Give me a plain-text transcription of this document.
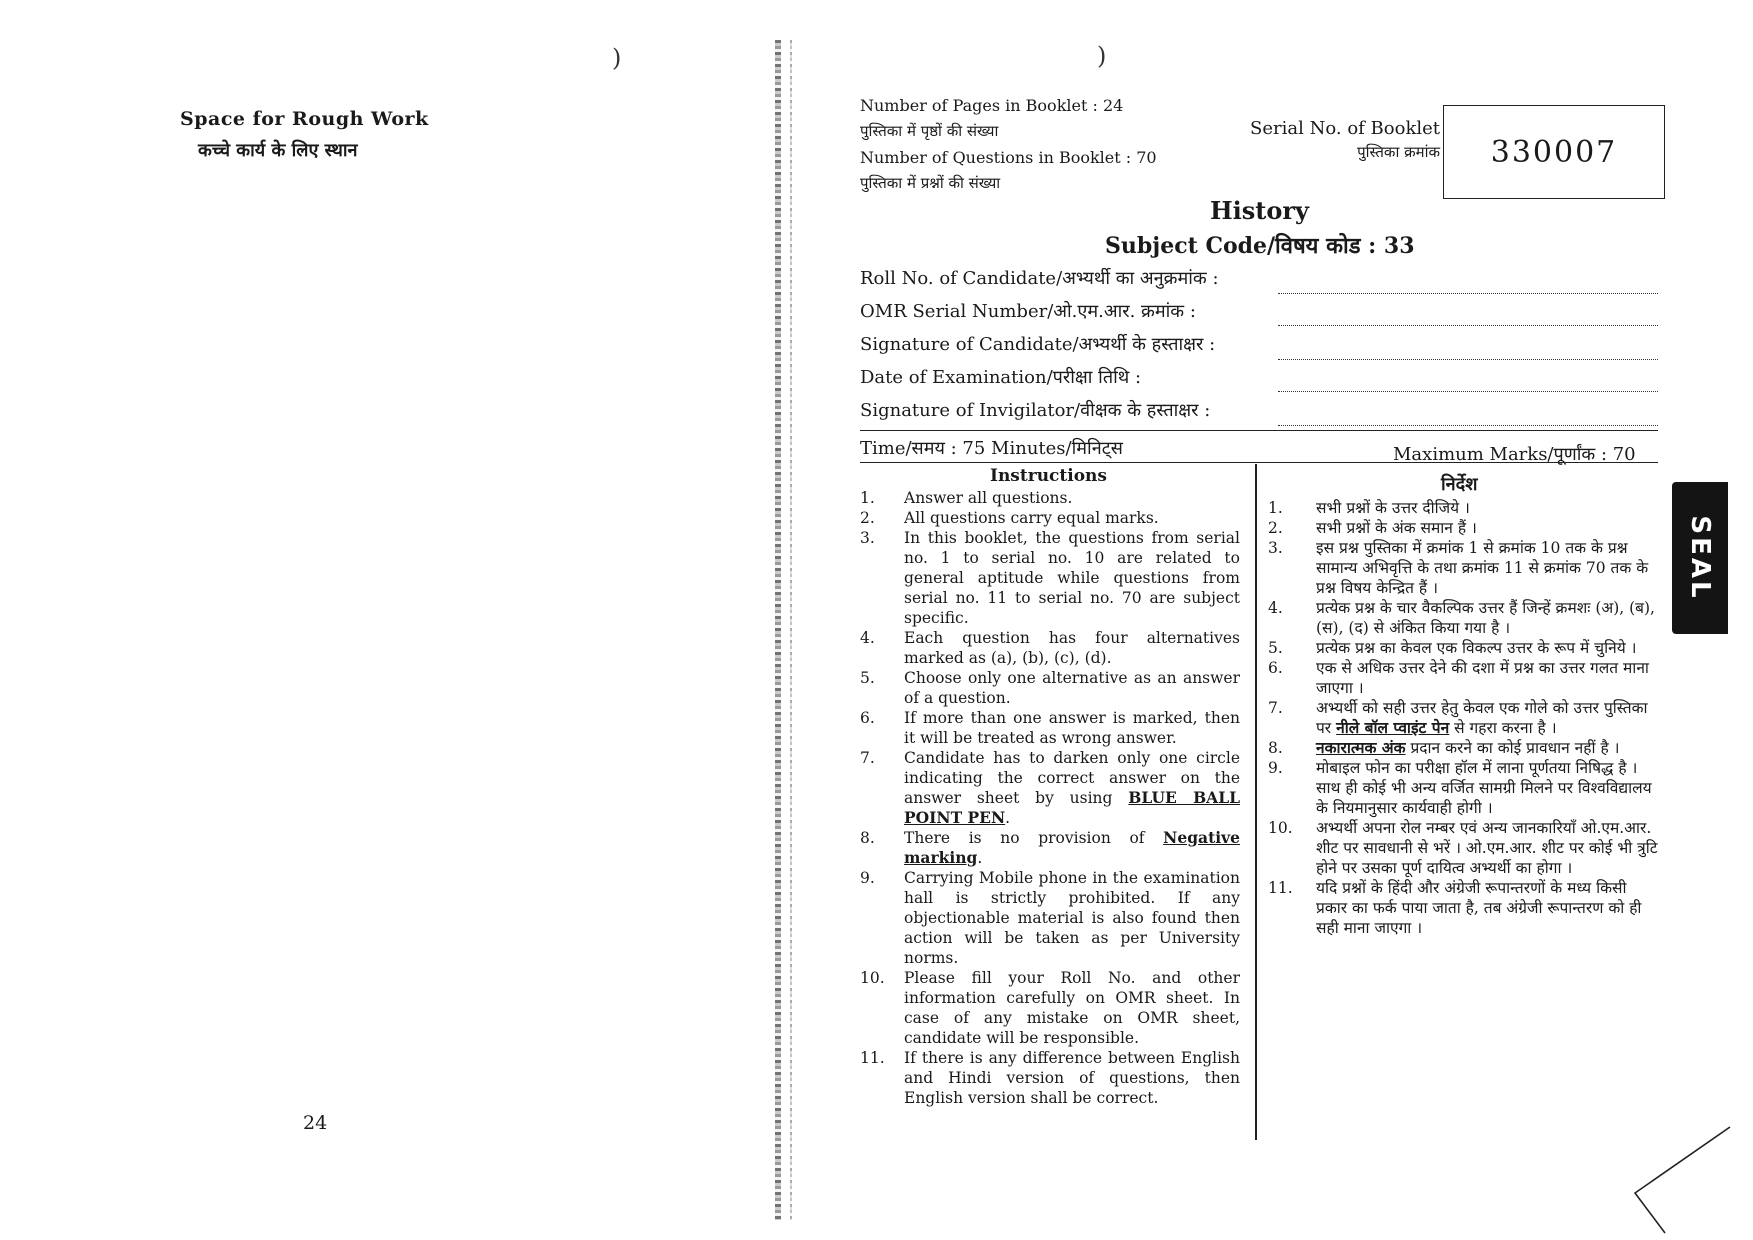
)	)
Space for Rough Work
कच्चे कार्य के लिए स्थान
24
Number of Pages in Booklet : 24
पुस्तिका में पृष्ठों की संख्या
Number of Questions in Booklet : 70
पुस्तिका में प्रश्नों की संख्या
Serial No. of Booklet
पुस्तिका क्रमांक	330007
History
Subject Code/विषय कोड : 33
Roll No. of Candidate/अभ्यर्थी का अनुक्रमांक :
OMR Serial Number/ओ.एम.आर. क्रमांक :
Signature of Candidate/अभ्यर्थी के हस्ताक्षर :
Date of Examination/परीक्षा तिथि :
Signature of Invigilator/वीक्षक के हस्ताक्षर :
Time/समय : 75 Minutes/मिनिट्स	Maximum Marks/पूर्णांक : 70
Instructions	निर्देश
1.	Answer all questions.
2.	All questions carry equal marks.
3.	In this booklet, the questions from serial no. 1 to serial no. 10 are related to general aptitude while questions from serial no. 11 to serial no. 70 are subject specific.
4.	Each question has four alternatives marked as (a), (b), (c), (d).
5.	Choose only one alternative as an answer of a question.
6.	If more than one answer is marked, then it will be treated as wrong answer.
7.	Candidate has to darken only one circle indicating the correct answer on the answer sheet by using BLUE BALL POINT PEN.
8.	There is no provision of Negative marking.
9.	Carrying Mobile phone in the examination hall is strictly prohibited. If any objectionable material is also found then action will be taken as per University norms.
10.	Please fill your Roll No. and other information carefully on OMR sheet. In case of any mistake on OMR sheet, candidate will be responsible.
11.	If there is any difference between English and Hindi version of questions, then English version shall be correct.
1.	सभी प्रश्नों के उत्तर दीजिये ।
2.	सभी प्रश्नों के अंक समान हैं ।
3.	इस प्रश्न पुस्तिका में क्रमांक 1 से क्रमांक 10 तक के प्रश्न सामान्य अभिवृत्ति के तथा क्रमांक 11 से क्रमांक 70 तक के प्रश्न विषय केन्द्रित हैं ।
4.	प्रत्येक प्रश्न के चार वैकल्पिक उत्तर हैं जिन्हें क्रमशः (अ), (ब), (स), (द) से अंकित किया गया है ।
5.	प्रत्येक प्रश्न का केवल एक विकल्प उत्तर के रूप में चुनिये ।
6.	एक से अधिक उत्तर देने की दशा में प्रश्न का उत्तर गलत माना जाएगा ।
7.	अभ्यर्थी को सही उत्तर हेतु केवल एक गोले को उत्तर पुस्तिका पर नीले बॉल प्वाइंट पेन से गहरा करना है ।
8.	नकारात्मक अंक प्रदान करने का कोई प्रावधान नहीं है ।
9.	मोबाइल फोन का परीक्षा हॉल में लाना पूर्णतया निषिद्ध है । साथ ही कोई भी अन्य वर्जित सामग्री मिलने पर विश्वविद्यालय के नियमानुसार कार्यवाही होगी ।
10.	अभ्यर्थी अपना रोल नम्बर एवं अन्य जानकारियाँ ओ.एम.आर. शीट पर सावधानी से भरें । ओ.एम.आर. शीट पर कोई भी त्रुटि होने पर उसका पूर्ण दायित्व अभ्यर्थी का होगा ।
11.	यदि प्रश्नों के हिंदी और अंग्रेजी रूपान्तरणों के मध्य किसी प्रकार का फर्क पाया जाता है, तब अंग्रेजी रूपान्तरण को ही सही माना जाएगा ।
SEAL
